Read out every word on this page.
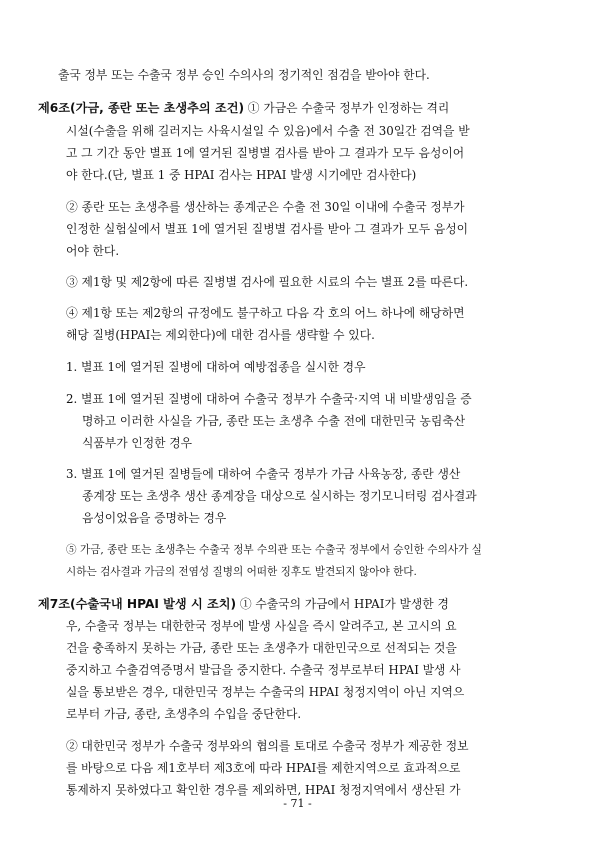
출국 정부 또는 수출국 정부 승인 수의사의 정기적인 점검을 받아야 한다.
제6조(가금, 종란 또는 초생추의 조건) ① 가금은 수출국 정부가 인정하는 격리
시설(수출을 위해 길러지는 사육시설일 수 있음)에서 수출 전 30일간 검역을 받
고 그 기간 동안 별표 1에 열거된 질병별 검사를 받아 그 결과가 모두 음성이어
야 한다.(단, 별표 1 중 HPAI 검사는 HPAI 발생 시기에만 검사한다)
② 종란 또는 초생추를 생산하는 종계군은 수출 전 30일 이내에 수출국 정부가
인정한 실험실에서 별표 1에 열거된 질병별 검사를 받아 그 결과가 모두 음성이
어야 한다.
③ 제1항 및 제2항에 따른 질병별 검사에 필요한 시료의 수는 별표 2를 따른다.
④ 제1항 또는 제2항의 규정에도 불구하고 다음 각 호의 어느 하나에 해당하면
해당 질병(HPAI는 제외한다)에 대한 검사를 생략할 수 있다.
1. 별표 1에 열거된 질병에 대하여 예방접종을 실시한 경우
2. 별표 1에 열거된 질병에 대하여 수출국 정부가 수출국·지역 내 비발생임을 증
명하고 이러한 사실을 가금, 종란 또는 초생추 수출 전에 대한민국 농림축산
식품부가 인정한 경우
3. 별표 1에 열거된 질병들에 대하여 수출국 정부가 가금 사육농장, 종란 생산
종계장 또는 초생추 생산 종계장을 대상으로 실시하는 정기모니터링 검사결과
음성이었음을 증명하는 경우
⑤ 가금, 종란 또는 초생추는 수출국 정부 수의관 또는 수출국 정부에서 승인한 수의사가 실
시하는 검사결과 가금의 전염성 질병의 어떠한 징후도 발견되지 않아야 한다.
제7조(수출국내 HPAI 발생 시 조치) ① 수출국의 가금에서 HPAI가 발생한 경
우, 수출국 정부는 대한한국 정부에 발생 사실을 즉시 알려주고, 본 고시의 요
건을 충족하지 못하는 가금, 종란 또는 초생추가 대한민국으로 선적되는 것을
중지하고 수출검역증명서 발급을 중지한다. 수출국 정부로부터 HPAI 발생 사
실을 통보받은 경우, 대한민국 정부는 수출국의 HPAI 청정지역이 아닌 지역으
로부터 가금, 종란, 초생추의 수입을 중단한다.
② 대한민국 정부가 수출국 정부와의 협의를 토대로 수출국 정부가 제공한 정보
를 바탕으로 다음 제1호부터 제3호에 따라 HPAI를 제한지역으로 효과적으로
통제하지 못하였다고 확인한 경우를 제외하면, HPAI 청정지역에서 생산된 가
- 71 -
